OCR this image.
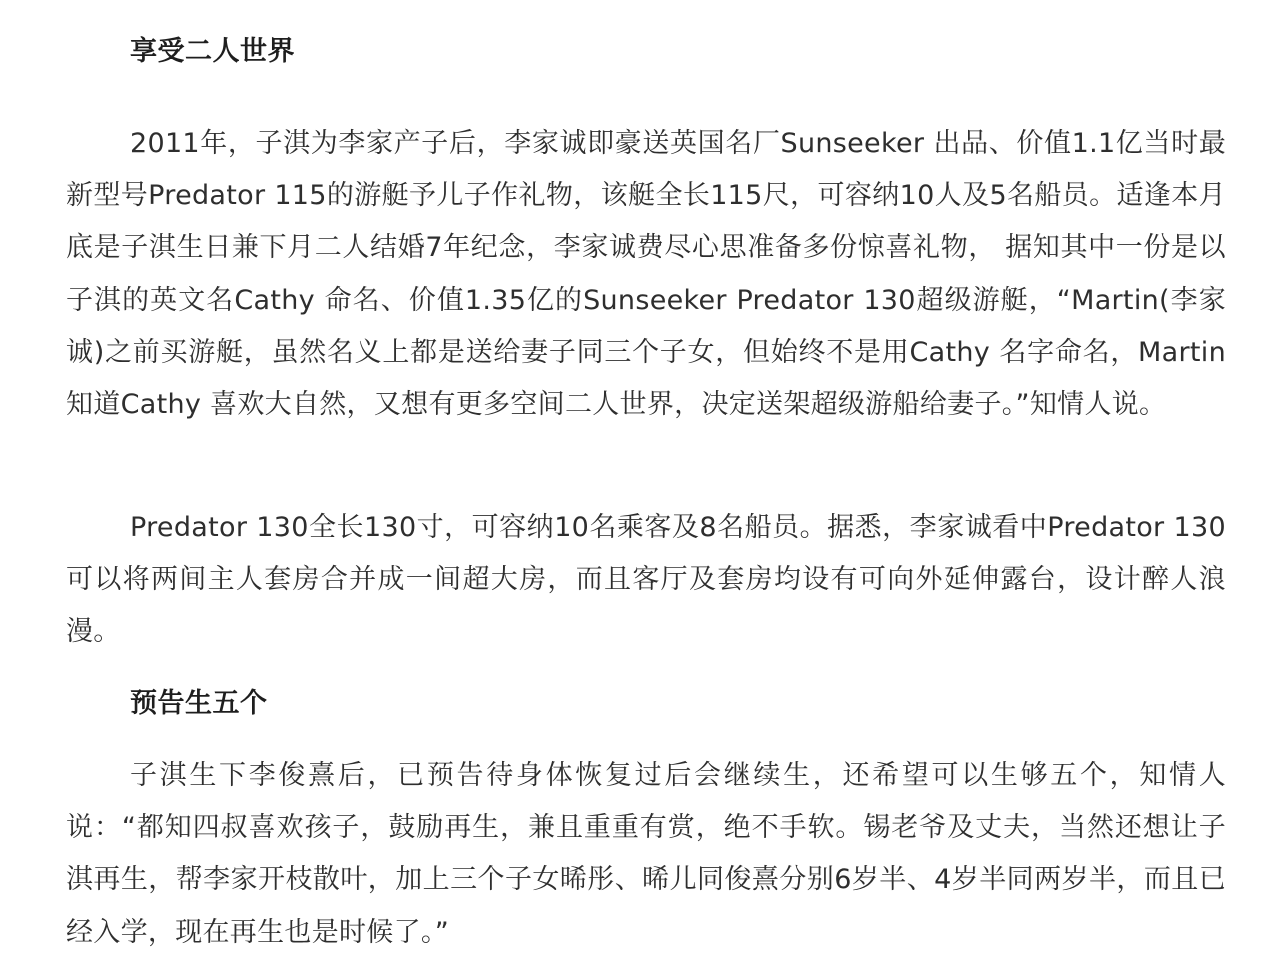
享受二人世界

2011年，子淇为李家产子后，李家诚即豪送英国名厂Sunseeker 出品、价值1.1亿当时最新型号Predator 115的游艇予儿子作礼物，该艇全长115尺，可容纳10人及5名船员。适逢本月底是子淇生日兼下月二人结婚7年纪念，李家诚费尽心思准备多份惊喜礼物， 据知其中一份是以子淇的英文名Cathy 命名、价值1.35亿的Sunseeker Predator 130超级游艇，“Martin(李家诚)之前买游艇，虽然名义上都是送给妻子同三个子女，但始终不是用Cathy 名字命名，Martin 知道Cathy 喜欢大自然，又想有更多空间二人世界，决定送架超级游船给妻子。”知情人说。

Predator 130全长130寸，可容纳10名乘客及8名船员。据悉，李家诚看中Predator 130可以将两间主人套房合并成一间超大房，而且客厅及套房均设有可向外延伸露台，设计醉人浪漫。

预告生五个

子淇生下李俊熹后，已预告待身体恢复过后会继续生，还希望可以生够五个，知情人说：“都知四叔喜欢孩子，鼓励再生，兼且重重有赏，绝不手软。锡老爷及丈夫，当然还想让子淇再生，帮李家开枝散叶，加上三个子女晞彤、晞儿同俊熹分别6岁半、4岁半同两岁半，而且已经入学，现在再生也是时候了。”
